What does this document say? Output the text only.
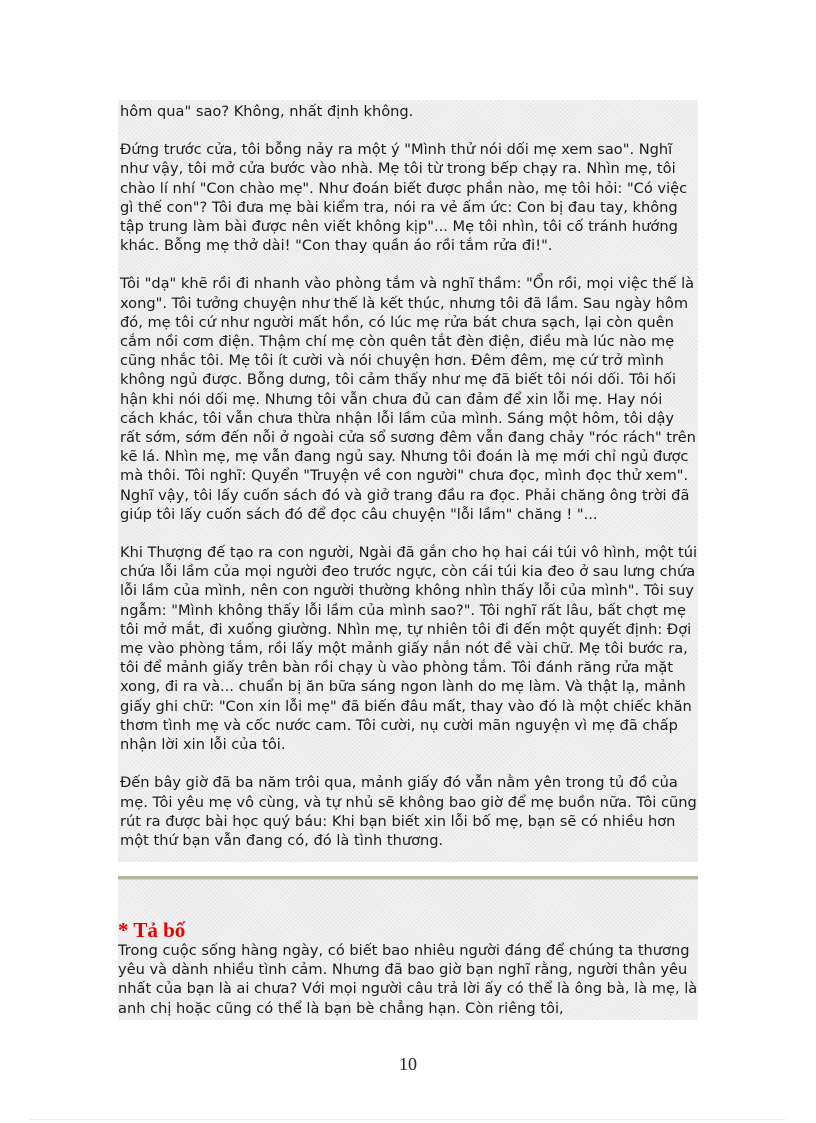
hôm qua" sao? Không, nhất định không.

Đứng trước cửa, tôi bỗng nảy ra một ý "Mình thử nói dối mẹ xem sao". Nghĩ như vậy, tôi mở cửa bước vào nhà. Mẹ tôi từ trong bếp chạy ra. Nhìn mẹ, tôi chào lí nhí "Con chào mẹ". Như đoán biết được phần nào, mẹ tôi hỏi: "Có việc gì thế con"? Tôi đưa mẹ bài kiểm tra, nói ra vẻ ấm ức: Con bị đau tay, không tập trung làm bài được nên viết không kịp"... Mẹ tôi nhìn, tôi cố tránh hướng khác. Bỗng mẹ thở dài! "Con thay quần áo rồi tắm rửa đi!".

Tôi "dạ" khẽ rồi đi nhanh vào phòng tắm và nghĩ thầm: "Ổn rồi, mọi việc thế là xong". Tôi tưởng chuyện như thế là kết thúc, nhưng tôi đã lầm. Sau ngày hôm đó, mẹ tôi cứ như người mất hồn, có lúc mẹ rửa bát chưa sạch, lại còn quên cắm nồi cơm điện. Thậm chí mẹ còn quên tắt đèn điện, điều mà lúc nào mẹ cũng nhắc tôi. Mẹ tôi ít cười và nói chuyện hơn. Đêm đêm, mẹ cứ trở mình không ngủ được. Bỗng dưng, tôi cảm thấy như mẹ đã biết tôi nói dối. Tôi hối hận khi nói dối mẹ. Nhưng tôi vẫn chưa đủ can đảm để xin lỗi mẹ. Hay nói cách khác, tôi vẫn chưa thừa nhận lỗi lầm của mình. Sáng một hôm, tôi dậy rất sớm, sớm đến nỗi ở ngoài cửa sổ sương đêm vẫn đang chảy "róc rách" trên kẽ lá. Nhìn mẹ, mẹ vẫn đang ngủ say. Nhưng tôi đoán là mẹ mới chỉ ngủ được mà thôi. Tôi nghĩ: Quyển "Truyện về con người" chưa đọc, mình đọc thử xem". Nghĩ vậy, tôi lấy cuốn sách đó và giở trang đầu ra đọc. Phải chăng ông trời đã giúp tôi lấy cuốn sách đó để đọc câu chuyện "lỗi lầm" chăng ! "...

Khi Thượng đế tạo ra con người, Ngài đã gắn cho họ hai cái túi vô hình, một túi chứa lỗi lầm của mọi người đeo trước ngực, còn cái túi kia đeo ở sau lưng chứa lỗi lầm của mình, nên con người thường không nhìn thấy lỗi của mình". Tôi suy ngẫm: "Mình không thấy lỗi lầm của mình sao?". Tôi nghĩ rất lâu, bất chợt mẹ tôi mở mắt, đi xuống giường. Nhìn mẹ, tự nhiên tôi đi đến một quyết định: Đợi mẹ vào phòng tắm, rồi lấy một mảnh giấy nắn nót đề vài chữ. Mẹ tôi bước ra, tôi để mảnh giấy trên bàn rồi chạy ù vào phòng tắm. Tôi đánh răng rửa mặt xong, đi ra và... chuẩn bị ăn bữa sáng ngon lành do mẹ làm. Và thật lạ, mảnh giấy ghi chữ: "Con xin lỗi mẹ" đã biến đâu mất, thay vào đó là một chiếc khăn thơm tình mẹ và cốc nước cam. Tôi cười, nụ cười mãn nguyện vì mẹ đã chấp nhận lời xin lỗi của tôi.

Đến bây giờ đã ba năm trôi qua, mảnh giấy đó vẫn nằm yên trong tủ đồ của mẹ. Tôi yêu mẹ vô cùng, và tự nhủ sẽ không bao giờ để mẹ buồn nữa. Tôi cũng rút ra được bài học quý báu: Khi bạn biết xin lỗi bố mẹ, bạn sẽ có nhiều hơn một thứ bạn vẫn đang có, đó là tình thương.

* Tả bố

Trong cuộc sống hàng ngày, có biết bao nhiêu người đáng để chúng ta thương yêu và dành nhiều tình cảm. Nhưng đã bao giờ bạn nghĩ rằng, người thân yêu nhất của bạn là ai chưa? Với mọi người câu trả lời ấy có thể là ông bà, là mẹ, là anh chị hoặc cũng có thể là bạn bè chẳng hạn. Còn riêng tôi,

10
